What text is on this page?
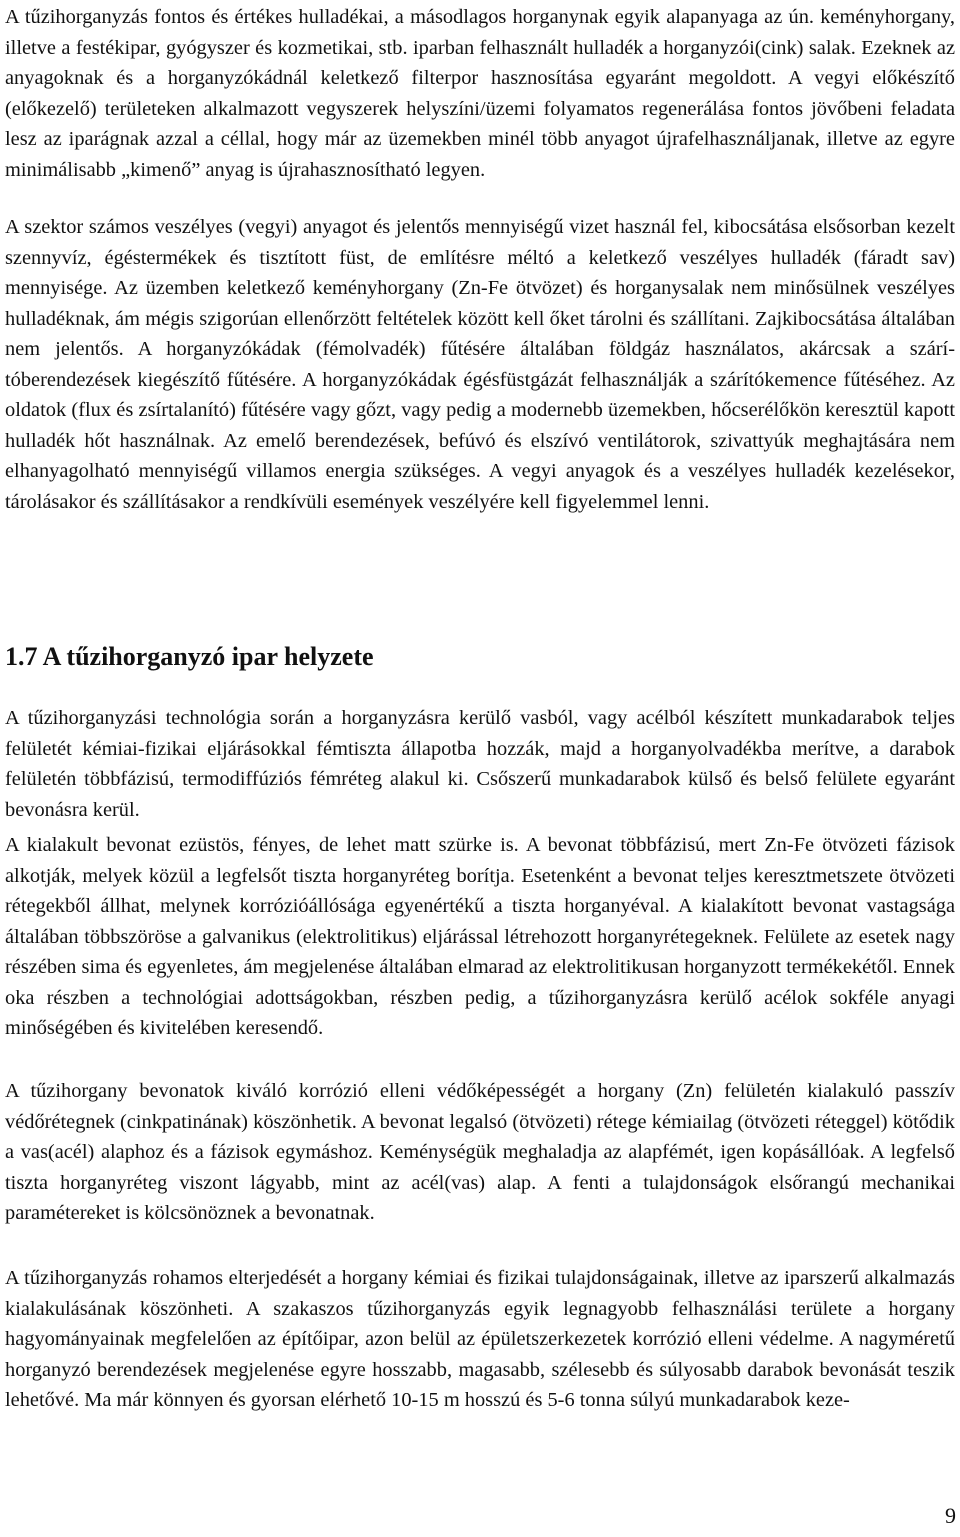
A tűzihorganyzás fontos és értékes hulladékai, a másodlagos horganynak egyik alapanyaga az ún. keményhorgany, illetve a festékipar, gyógyszer és kozmetikai, stb. iparban felhasznált hulladék a horganyzói(cink) salak. Ezeknek az anyagoknak és a horganyzókádnál keletkező filterpor hasznosítása egyaránt megoldott. A vegyi előkészítő (előkezelő) területeken alkalmazott vegyszerek helyszíni/üzemi folyamatos regenerálása fontos jövőbeni feladata lesz az iparágnak azzal a céllal, hogy már az üzemekben minél több anyagot újrafelhasználjanak, illetve az egyre minimálisabb „kimenő” anyag is újrahasznosítható legyen.

A szektor számos veszélyes (vegyi) anyagot és jelentős mennyiségű vizet használ fel, kibocsátása elsősorban kezelt szennyvíz, égéstermékek és tisztított füst, de említésre méltó a keletkező veszélyes hulladék (fáradt sav) mennyisége. Az üzemben keletkező keményhorgany (Zn-Fe ötvözet) és horganysalak nem minősülnek veszélyes hulladéknak, ám mégis szigorúan ellenőrzött feltételek között kell őket tárolni és szállítani. Zajkibocsátása általában nem jelentős. A horganyzókádak (fémolvadék) fűtésére általában földgáz használatos, akárcsak a szárítóberendezések kiegészítő fűtésére. A horganyzókádak égésfüstgázát felhasználják a szárítókemence fűtéséhez. Az oldatok (flux és zsírtalanító) fűtésére vagy gőzt, vagy pedig a modernebb üzemekben, hőcserélőkön keresztül kapott hulladék hőt használnak. Az emelő berendezések, befúvó és elszívó ventilátorok, szivattyúk meghajtására nem elhanyagolható mennyiségű villamos energia szükséges. A vegyi anyagok és a veszélyes hulladék kezelésekor, tárolásakor és szállításakor a rendkívüli események veszélyére kell figyelemmel lenni.

1.7 A tűzihorganyzó ipar helyzete

A tűzihorganyzási technológia során a horganyzásra kerülő vasból, vagy acélból készített munkadarabok teljes felületét kémiai-fizikai eljárásokkal fémtiszta állapotba hozzák, majd a horganyolvadékba merítve, a darabok felületén többfázisú, termodiffúziós fémréteg alakul ki. Csőszerű munkadarabok külső és belső felülete egyaránt bevonásra kerül.

A kialakult bevonat ezüstös, fényes, de lehet matt szürke is. A bevonat többfázisú, mert Zn-Fe ötvözeti fázisok alkotják, melyek közül a legfelsőt tiszta horganyréteg borítja. Esetenként a bevonat teljes keresztmetszete ötvözeti rétegekből állhat, melynek korrózióállósága egyenértékű a tiszta horganyéval. A kialakított bevonat vastagsága általában többszöröse a galvanikus (elektrolitikus) eljárással létrehozott horganyrétegeknek. Felülete az esetek nagy részében sima és egyenletes, ám megjelenése általában elmarad az elektrolitikusan horganyzott termékekétől. Ennek oka részben a technológiai adottságokban, részben pedig, a tűzihorganyzásra kerülő acélok sokféle anyagi minőségében és kivitelében keresendő.

A tűzihorgany bevonatok kiváló korrózió elleni védőképességét a horgany (Zn) felületén kialakuló passzív védőrétegnek (cinkpatinának) köszönhetik. A bevonat legalsó (ötvözeti) rétege kémiailag (ötvözeti réteggel) kötődik a vas(acél) alaphoz és a fázisok egymáshoz. Keménységük meghaladja az alapfémét, igen kopásállóak. A legfelső tiszta horganyréteg viszont lágyabb, mint az acél(vas) alap. A fenti a tulajdonságok elsőrangú mechanikai paramétereket is kölcsönöznek a bevonatnak.

A tűzihorganyzás rohamos elterjedését a horgany kémiai és fizikai tulajdonságainak, illetve az iparszerű alkalmazás kialakulásának köszönheti. A szakaszos tűzihorganyzás egyik legnagyobb felhasználási területe a horgany hagyományainak megfelelően az építőipar, azon belül az épületszerkezetek korrózió elleni védelme. A nagyméretű horganyzó berendezések megjelenése egyre hosszabb, magasabb, szélesebb és súlyosabb darabok bevonását teszik lehetővé. Ma már könnyen és gyorsan elérhető 10-15 m hosszú és 5-6 tonna súlyú munkadarabok keze-

9
